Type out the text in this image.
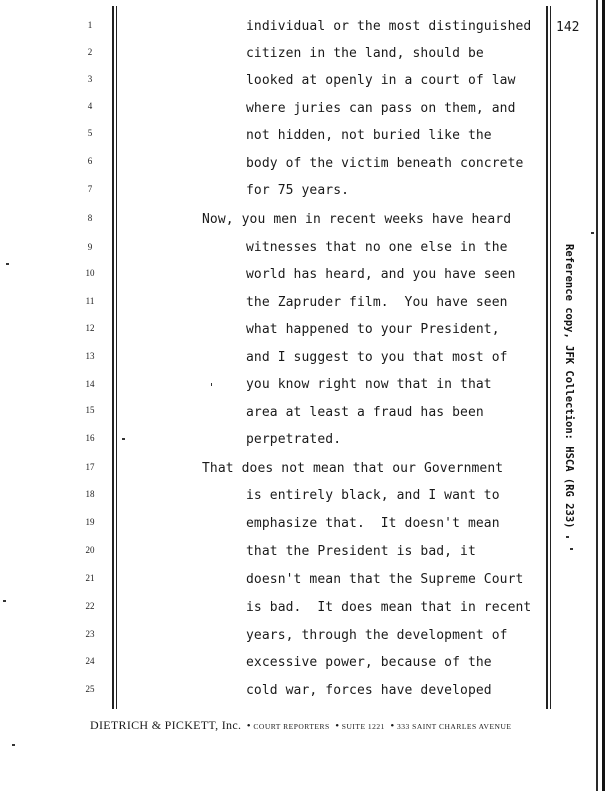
1
2
3
4
5
6
7
8
9
10
11
12
13
14
15
16
17
18
19
20
21
22
23
24
25
142
individual or the most distinguished
citizen in the land, should be
looked at openly in a court of law
where juries can pass on them, and
not hidden, not buried like the
body of the victim beneath concrete
for 75 years.
Now, you men in recent weeks have heard
witnesses that no one else in the
world has heard, and you have seen
the Zapruder film.  You have seen
what happened to your President,
and I suggest to you that most of
you know right now that in that
area at least a fraud has been
perpetrated.
That does not mean that our Government
is entirely black, and I want to
emphasize that.  It doesn't mean
that the President is bad, it
doesn't mean that the Supreme Court
is bad.  It does mean that in recent
years, through the development of
excessive power, because of the
cold war, forces have developed
Reference copy, JFK Collection: HSCA (RG 233)
DIETRICH & PICKETT, Inc.  • COURT REPORTERS  • SUITE 1221  • 333 SAINT CHARLES AVENUE
